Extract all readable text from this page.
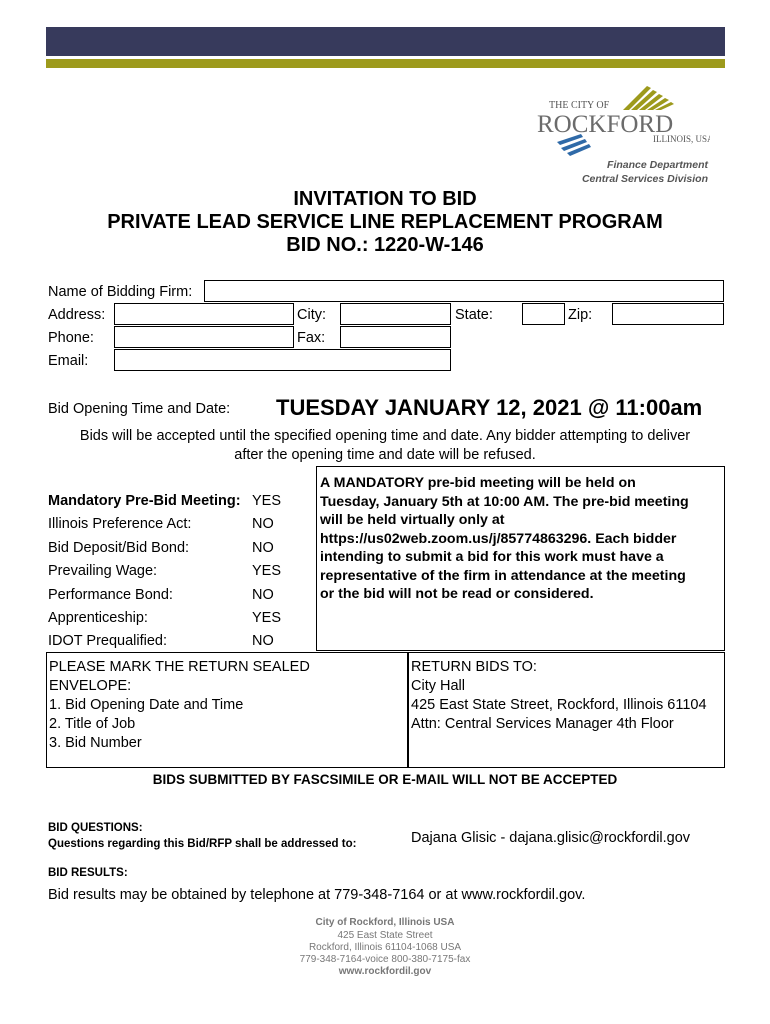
THE CITY OF
ROCKFORD
ILLINOIS, USA
Finance Department
Central Services Division
INVITATION TO BID
PRIVATE LEAD SERVICE LINE REPLACEMENT PROGRAM
BID NO.: 1220-W-146
Name of Bidding Firm:
Address:	City:	State:	Zip:
Phone:	Fax:
Email:
Bid Opening Time and Date: TUESDAY JANUARY 12, 2021 @ 11:00am
Bids will be accepted until the specified opening time and date. Any bidder attempting to deliver
after the opening time and date will be refused.
Mandatory Pre-Bid Meeting: YES
Illinois Preference Act:	NO
Bid Deposit/Bid Bond:	NO
Prevailing Wage:	YES
Performance Bond:	NO
Apprenticeship:	YES
IDOT Prequalified:	NO
A MANDATORY pre-bid meeting will be held on
Tuesday, January 5th at 10:00 AM. The pre-bid meeting
will be held virtually only at
https://us02web.zoom.us/j/85774863296. Each bidder
intending to submit a bid for this work must have a
representative of the firm in attendance at the meeting
or the bid will not be read or considered.
PLEASE MARK THE RETURN SEALED
ENVELOPE:
1. Bid Opening Date and Time
2. Title of Job
3. Bid Number
RETURN BIDS TO:
City Hall
425 East State Street, Rockford, Illinois 61104
Attn: Central Services Manager 4th Floor
BIDS SUBMITTED BY FASCSIMILE OR E-MAIL WILL NOT BE ACCEPTED
BID QUESTIONS:
Questions regarding this Bid/RFP shall be addressed to:	Dajana Glisic - dajana.glisic@rockfordil.gov
BID RESULTS:
Bid results may be obtained by telephone at 779-348-7164 or at www.rockfordil.gov.
City of Rockford, Illinois USA
425 East State Street
Rockford, Illinois 61104-1068 USA
779-348-7164-voice 800-380-7175-fax
www.rockfordil.gov
